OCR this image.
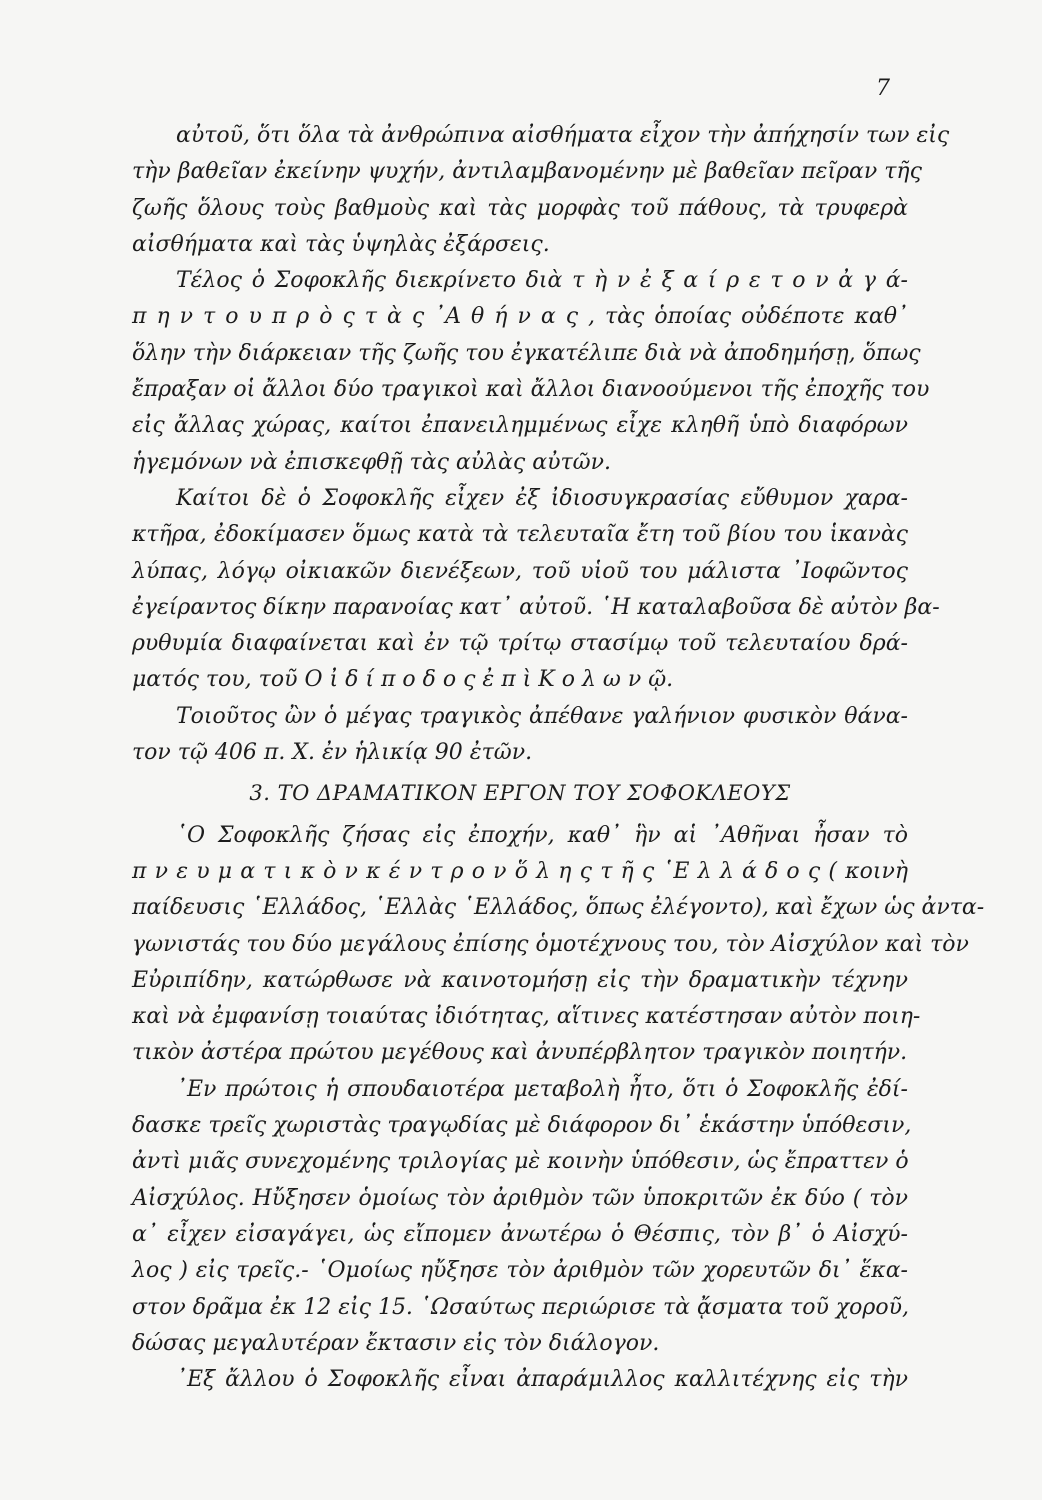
7
αὐτοῦ, ὅτι ὅλα τὰ ἀνθρώπινα αἰσθήματα εἶχον τὴν ἀπήχησίν των εἰς
τὴν βαθεῖαν ἐκείνην ψυχήν, ἀντιλαμβανομένην μὲ βαθεῖαν πεῖραν τῆς
ζωῆς ὅλους τοὺς βαθμοὺς καὶ τὰς μορφὰς τοῦ πάθους, τὰ τρυφερὰ
αἰσθήματα καὶ τὰς ὑψηλὰς ἐξάρσεις.
Τέλος ὁ Σοφοκλῆς διεκρίνετο διὰ τ ὴ ν ἐ ξ α ί ρ ε τ ο ν ἀ γ ά-
π η ν τ ο υ π ρ ὸ ς τ ὰ ς ᾿Α θ ή ν α ς , τὰς ὁποίας οὐδέποτε καθ᾿
ὅλην τὴν διάρκειαν τῆς ζωῆς του ἐγκατέλιπε διὰ νὰ ἀποδημήσῃ, ὅπως
ἔπραξαν οἱ ἄλλοι δύο τραγικοὶ καὶ ἄλλοι διανοούμενοι τῆς ἐποχῆς του
εἰς ἄλλας χώρας, καίτοι ἐπανειλημμένως εἶχε κληθῆ ὑπὸ διαφόρων
ἡγεμόνων νὰ ἐπισκεφθῇ τὰς αὐλὰς αὐτῶν.
Καίτοι δὲ ὁ Σοφοκλῆς εἶχεν ἐξ ἰδιοσυγκρασίας εὔθυμον χαρα-
κτῆρα, ἐδοκίμασεν ὅμως κατὰ τὰ τελευταῖα ἔτη τοῦ βίου του ἱκανὰς
λύπας, λόγῳ οἰκιακῶν διενέξεων, τοῦ υἱοῦ του μάλιστα ᾿Ιοφῶντος
ἐγείραντος δίκην παρανοίας κατ᾿ αὐτοῦ. ῾Η καταλαβοῦσα δὲ αὐτὸν βα-
ρυθυμία διαφαίνεται καὶ ἐν τῷ τρίτῳ στασίμῳ τοῦ τελευταίου δρά-
ματός του, τοῦ Ο ἰ δ ί π ο δ ο ς ἐ π ὶ Κ ο λ ω ν ῷ.
Τοιοῦτος ὢν ὁ μέγας τραγικὸς ἀπέθανε γαλήνιον φυσικὸν θάνα-
τον τῷ 406 π. Χ. ἐν ἡλικίᾳ 90 ἐτῶν.
3. ΤΟ ΔΡΑΜΑΤΙΚΟΝ ΕΡΓΟΝ ΤΟΥ ΣΟΦΟΚΛΕΟΥΣ
῾Ο Σοφοκλῆς ζήσας εἰς ἐποχήν, καθ᾿ ἣν αἱ ᾿Αθῆναι ἦσαν τὸ
π ν ε υ μ α τ ι κ ὸ ν κ έ ν τ ρ ο ν ὅ λ η ς τ ῆ ς ῾Ε λ λ ά δ ο ς ( κοινὴ
παίδευσις ῾Ελλάδος, ῾Ελλὰς ῾Ελλάδος, ὅπως ἐλέγοντο), καὶ ἔχων ὡς ἀντα-
γωνιστάς του δύο μεγάλους ἐπίσης ὁμοτέχνους του, τὸν Αἰσχύλον καὶ τὸν
Εὐριπίδην, κατώρθωσε νὰ καινοτομήσῃ εἰς τὴν δραματικὴν τέχνην
καὶ νὰ ἐμφανίσῃ τοιαύτας ἰδιότητας, αἵτινες κατέστησαν αὐτὸν ποιη-
τικὸν ἀστέρα πρώτου μεγέθους καὶ ἀνυπέρβλητον τραγικὸν ποιητήν.
᾿Εν πρώτοις ἡ σπουδαιοτέρα μεταβολὴ ἦτο, ὅτι ὁ Σοφοκλῆς ἐδί-
δασκε τρεῖς χωριστὰς τραγῳδίας μὲ διάφορον δι᾿ ἑκάστην ὑπόθεσιν,
ἀντὶ μιᾶς συνεχομένης τριλογίας μὲ κοινὴν ὑπόθεσιν, ὡς ἔπραττεν ὁ
Αἰσχύλος. Ηὔξησεν ὁμοίως τὸν ἀριθμὸν τῶν ὑποκριτῶν ἐκ δύο ( τὸν
α᾿ εἶχεν εἰσαγάγει, ὡς εἴπομεν ἀνωτέρω ὁ Θέσπις, τὸν β᾿ ὁ Αἰσχύ-
λος ) εἰς τρεῖς.- ῾Ομοίως ηὔξησε τὸν ἀριθμὸν τῶν χορευτῶν δι᾿ ἕκα-
στον δρᾶμα ἐκ 12 εἰς 15. ῾Ωσαύτως περιώρισε τὰ ᾄσματα τοῦ χοροῦ,
δώσας μεγαλυτέραν ἔκτασιν εἰς τὸν διάλογον.
᾿Εξ ἄλλου ὁ Σοφοκλῆς εἶναι ἀπαράμιλλος καλλιτέχνης εἰς τὴν
